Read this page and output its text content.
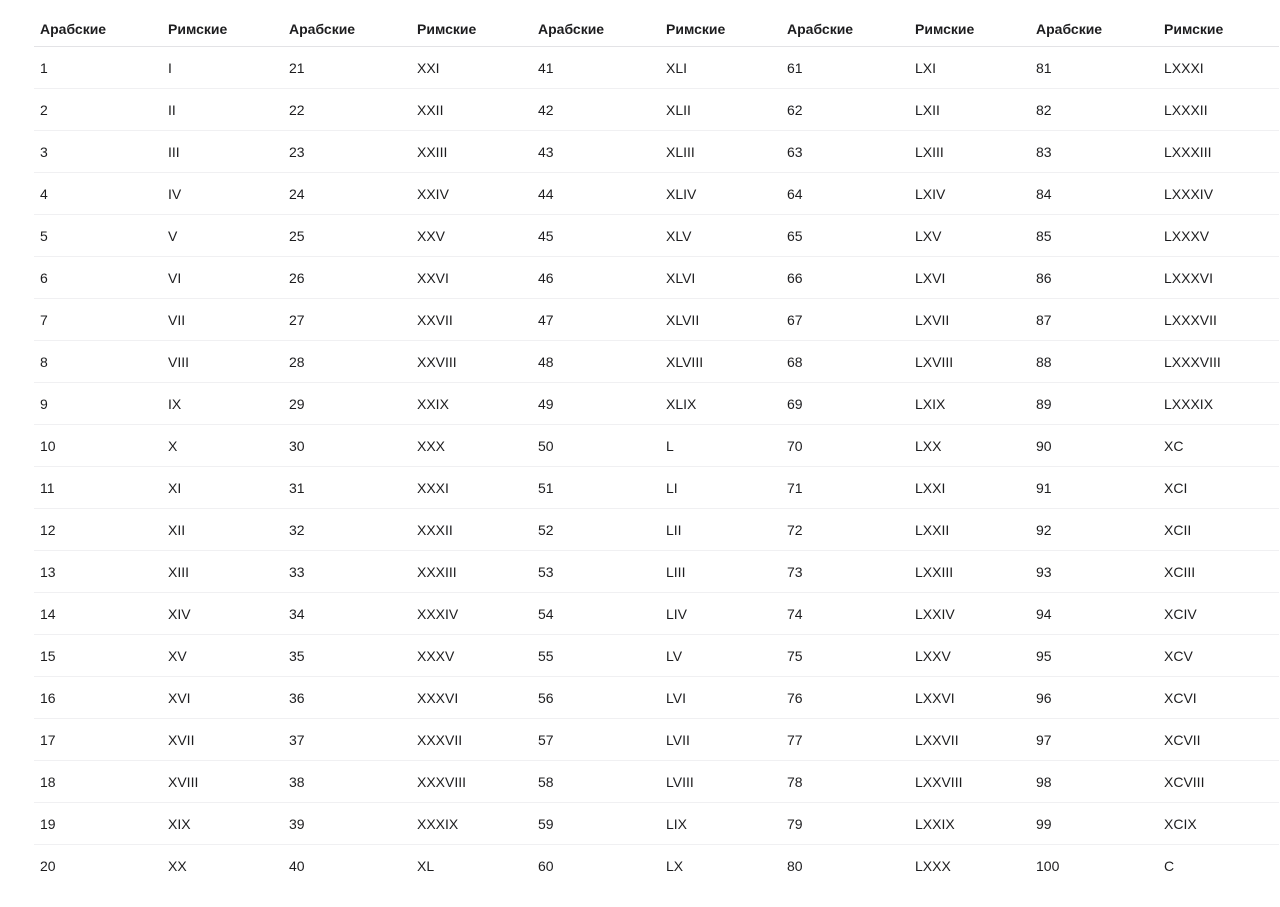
Арабские	Римские	Арабские	Римские	Арабские	Римские	Арабские	Римские	Арабские	Римские
1	I	21	XXI	41	XLI	61	LXI	81	LXXXI
2	II	22	XXII	42	XLII	62	LXII	82	LXXXII
3	III	23	XXIII	43	XLIII	63	LXIII	83	LXXXIII
4	IV	24	XXIV	44	XLIV	64	LXIV	84	LXXXIV
5	V	25	XXV	45	XLV	65	LXV	85	LXXXV
6	VI	26	XXVI	46	XLVI	66	LXVI	86	LXXXVI
7	VII	27	XXVII	47	XLVII	67	LXVII	87	LXXXVII
8	VIII	28	XXVIII	48	XLVIII	68	LXVIII	88	LXXXVIII
9	IX	29	XXIX	49	XLIX	69	LXIX	89	LXXXIX
10	X	30	XXX	50	L	70	LXX	90	XC
11	XI	31	XXXI	51	LI	71	LXXI	91	XCI
12	XII	32	XXXII	52	LII	72	LXXII	92	XCII
13	XIII	33	XXXIII	53	LIII	73	LXXIII	93	XCIII
14	XIV	34	XXXIV	54	LIV	74	LXXIV	94	XCIV
15	XV	35	XXXV	55	LV	75	LXXV	95	XCV
16	XVI	36	XXXVI	56	LVI	76	LXXVI	96	XCVI
17	XVII	37	XXXVII	57	LVII	77	LXXVII	97	XCVII
18	XVIII	38	XXXVIII	58	LVIII	78	LXXVIII	98	XCVIII
19	XIX	39	XXXIX	59	LIX	79	LXXIX	99	XCIX
20	XX	40	XL	60	LX	80	LXXX	100	C
